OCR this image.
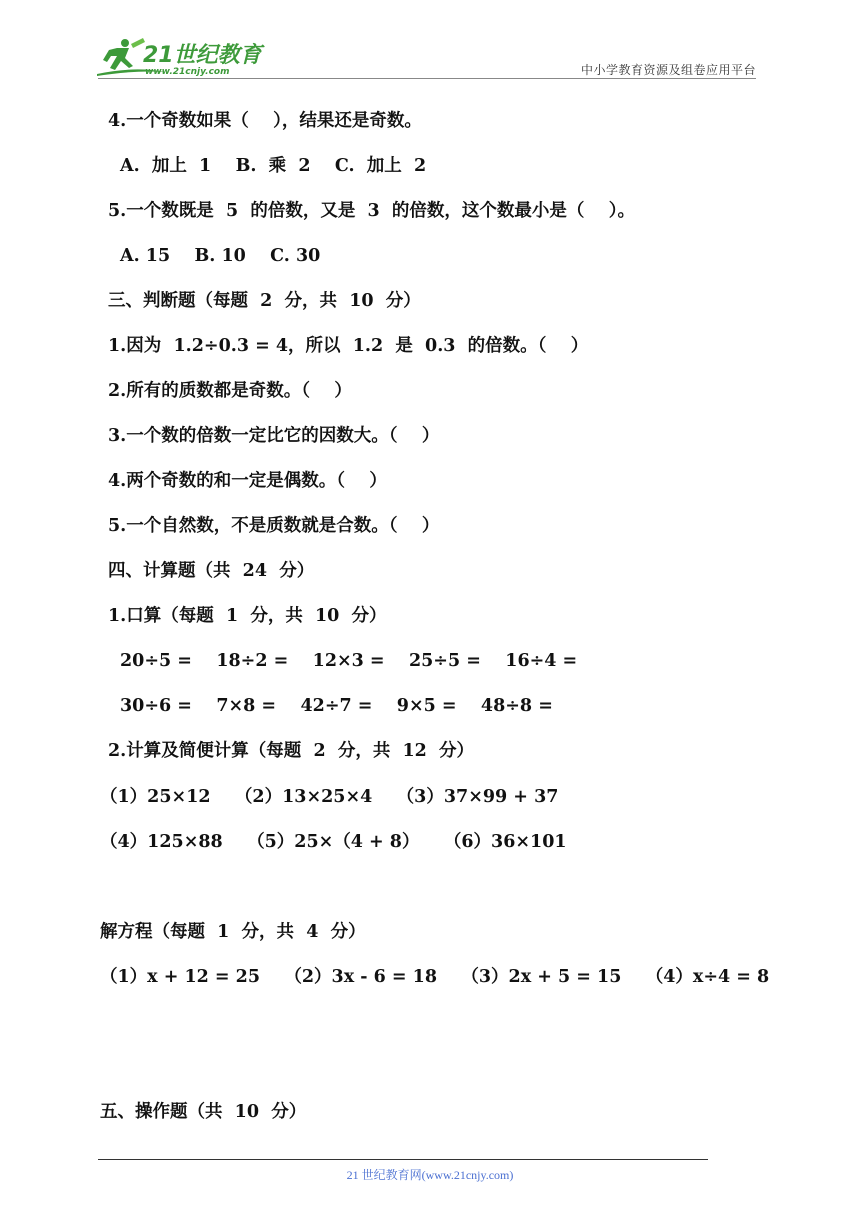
21世纪教育
www.21cnjy.com	中小学教育资源及组卷应用平台
4.一个奇数如果（    ），结果还是奇数。
A.  加上  1    B.  乘  2    C.  加上  2
5.一个数既是  5  的倍数，又是  3  的倍数，这个数最小是（    ）。
A. 15    B. 10    C. 30
三、判断题（每题  2  分，共  10  分）
1.因为  1.2÷0.3 = 4，所以  1.2  是  0.3  的倍数。（    ）
2.所有的质数都是奇数。（    ）
3.一个数的倍数一定比它的因数大。（    ）
4.两个奇数的和一定是偶数。（    ）
5.一个自然数，不是质数就是合数。（    ）
四、计算题（共  24  分）
1.口算（每题  1  分，共  10  分）
20÷5 =    18÷2 =    12×3 =    25÷5 =    16÷4 =
30÷6 =    7×8 =    42÷7 =    9×5 =    48÷8 =
2.计算及简便计算（每题  2  分，共  12  分）
（1）25×12    （2）13×25×4    （3）37×99 + 37
（4）125×88    （5）25×（4 + 8）    （6）36×101
解方程（每题  1  分，共  4  分）
（1）x + 12 = 25    （2）3x - 6 = 18    （3）2x + 5 = 15    （4）x÷4 = 8
五、操作题（共  10  分）
21 世纪教育网(www.21cnjy.com)
